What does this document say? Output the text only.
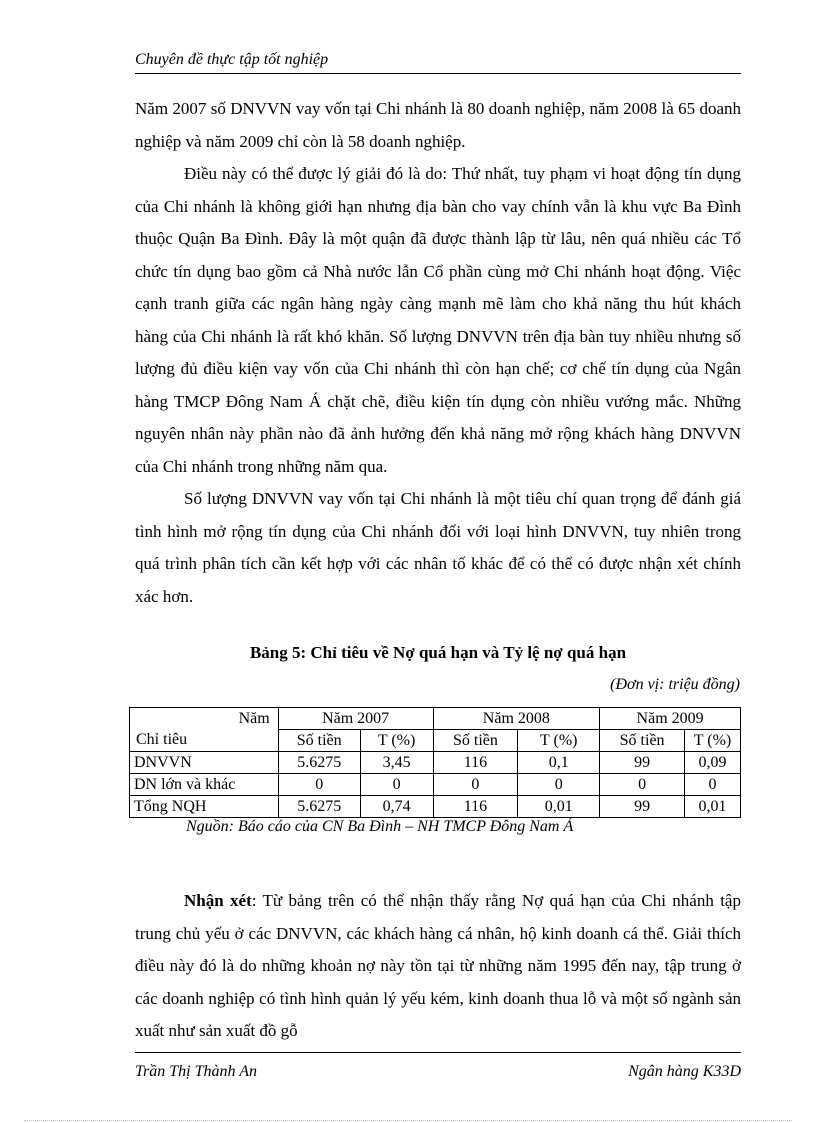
Chuyên đề thực tập tốt nghiệp

Năm 2007 số DNVVN vay vốn tại Chi nhánh là 80 doanh nghiệp, năm 2008 là 65 doanh nghiệp và năm 2009 chỉ còn là 58 doanh nghiệp.

Điều này có thể được lý giải đó là do: Thứ nhất, tuy phạm vi hoạt động tín dụng của Chi nhánh là không giới hạn nhưng địa bàn cho vay chính vẫn là khu vực Ba Đình thuộc Quận Ba Đình. Đây là một quận đã được thành lập từ lâu, nên quá nhiều các Tổ chức tín dụng bao gồm cả Nhà nước lẫn Cổ phần cùng mở Chi nhánh hoạt động. Việc cạnh tranh giữa các ngân hàng ngày càng mạnh mẽ làm cho khả năng thu hút khách hàng của Chi nhánh là rất khó khăn. Số lượng DNVVN trên địa bàn tuy nhiều nhưng số lượng đủ điều kiện vay vốn của Chi nhánh thì còn hạn chế; cơ chế tín dụng của Ngân hàng TMCP Đông Nam Á chặt chẽ, điều kiện tín dụng còn nhiều vướng mắc. Những nguyên nhân này phần nào đã ảnh hưởng đến khả năng mở rộng khách hàng DNVVN của Chi nhánh trong những năm qua.

Số lượng DNVVN vay vốn tại Chi nhánh là một tiêu chí quan trọng để đánh giá tình hình mở rộng tín dụng của Chi nhánh đối với loại hình DNVVN, tuy nhiên trong quá trình phân tích cần kết hợp với các nhân tố khác để có thể có được nhận xét chính xác hơn.

Bảng 5: Chỉ tiêu về Nợ quá hạn và Tỷ lệ nợ quá hạn
(Đơn vị: triệu đồng)
Năm
Chỉ tiêu	Năm 2007		Năm 2008		Năm 2009	
	Số tiền	T (%)	Số tiền	T (%)	Số tiền	T (%)
DNVVN	5.6275	3,45	116	0,1	99	0,09
DN lớn và khác	0	0	0	0	0	0
Tổng NQH	5.6275	0,74	116	0,01	99	0,01
Nguồn: Báo cáo của CN Ba Đình – NH TMCP Đông Nam Á

Nhận xét: Từ bảng trên có thể nhận thấy rằng Nợ quá hạn của Chi nhánh tập trung chủ yếu ở các DNVVN, các khách hàng cá nhân, hộ kinh doanh cá thể. Giải thích điều này đó là do những khoản nợ này tồn tại từ những năm 1995 đến nay, tập trung ở các doanh nghiệp có tình hình quản lý yếu kém, kinh doanh thua lỗ và một số ngành sản xuất như sản xuất đồ gỗ

Trần Thị Thành An	Ngân hàng K33D
